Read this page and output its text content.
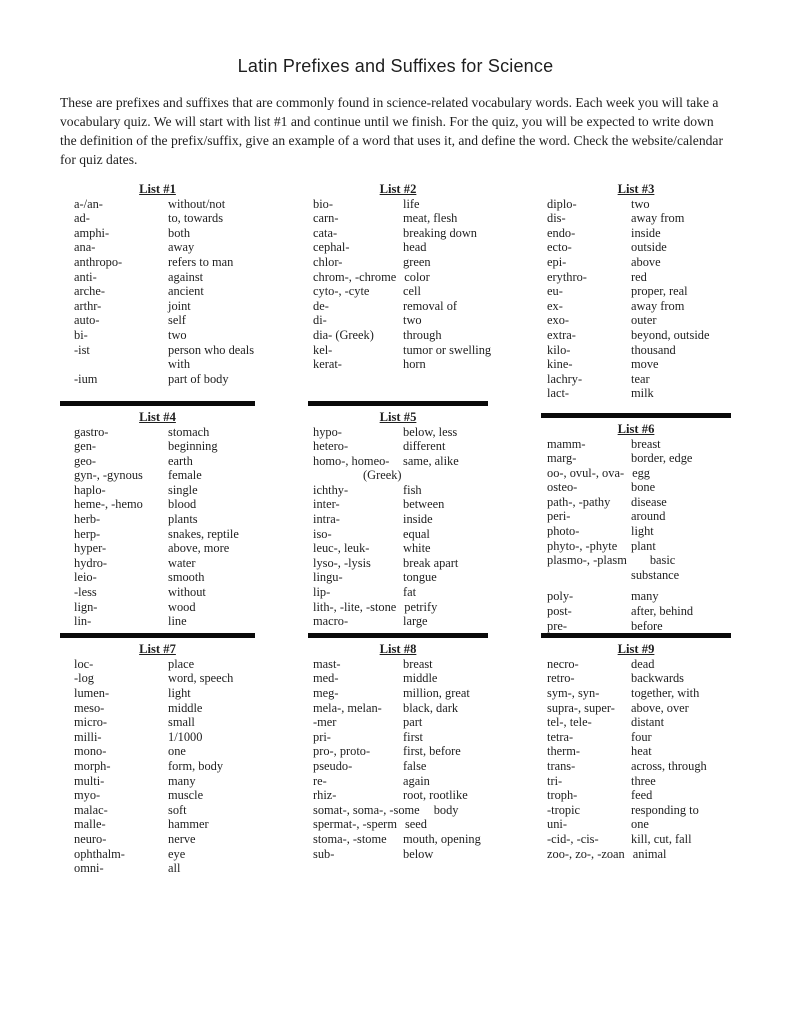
Latin Prefixes and Suffixes for Science

These are prefixes and suffixes that are commonly found in science-related vocabulary words. Each week you will take a vocabulary quiz. We will start with list #1 and continue until we finish. For the quiz, you will be expected to write down the definition of the prefix/suffix, give an example of a word that uses it, and define the word. Check the website/calendar for quiz dates.

List #1
a-/an-	without/not
ad-	to, towards
amphi-	both
ana-	away
anthropo-	refers to man
anti-	against
arche-	ancient
arthr-	joint
auto-	self
bi-	two
-ist	person who deals
with
-ium	part of body
List #2
bio-	life
carn-	meat, flesh
cata-	breaking down
cephal-	head
chlor-	green
chrom-, -chrome color
cyto-, -cyte	cell
de-	removal of
di-	two
dia- (Greek)	through
kel-	tumor or swelling
kerat-	horn
List #3
diplo-	two
dis-	away from
endo-	inside
ecto-	outside
epi-	above
erythro-	red
eu-	proper, real
ex-	away from
exo-	outer
extra-	beyond, outside
kilo-	thousand
kine-	move
lachry-	tear
lact-	milk
List #4
gastro-	stomach
gen-	beginning
geo-	earth
gyn-, -gynous	female
haplo-	single
heme-, -hemo	blood
herb-	plants
herp-	snakes, reptile
hyper-	above, more
hydro-	water
leio-	smooth
-less	without
lign-	wood
lin-	line
List #5
hypo-	below, less
hetero-	different
homo-, homeo-	same, alike
(Greek)
ichthy-	fish
inter-	between
intra-	inside
iso-	equal
leuc-, leuk-	white
lyso-, -lysis	break apart
lingu-	tongue
lip-	fat
lith-, -lite, -stone petrify
macro-	large
List #6
mamm-	breast
marg-	border, edge
oo-, ovul-, ova- egg
osteo-	bone
path-, -pathy	disease
peri-	around
photo-	light
phyto-, -phyte	plant
plasmo-, -plasm	basic
substance
poly-	many
post-	after, behind
pre-	before
List #7
loc-	place
-log	word, speech
lumen-	light
meso-	middle
micro-	small
milli-	1/1000
mono-	one
morph-	form, body
multi-	many
myo-	muscle
malac-	soft
malle-	hammer
neuro-	nerve
ophthalm-	eye
omni-	all
List #8
mast-	breast
med-	middle
meg-	million, great
mela-, melan-	black, dark
-mer	part
pri-	first
pro-, proto-	first, before
pseudo-	false
re-	again
rhiz-	root, rootlike
somat-, soma-, -some	body
spermat-, -sperm seed
stoma-, -stome	mouth, opening
sub-	below
List #9
necro-	dead
retro-	backwards
sym-, syn-	together, with
supra-, super-	above, over
tel-, tele-	distant
tetra-	four
therm-	heat
trans-	across, through
tri-	three
troph-	feed
-tropic	responding to
uni-	one
-cid-, -cis-	kill, cut, fall
zoo-, zo-, -zoan animal
